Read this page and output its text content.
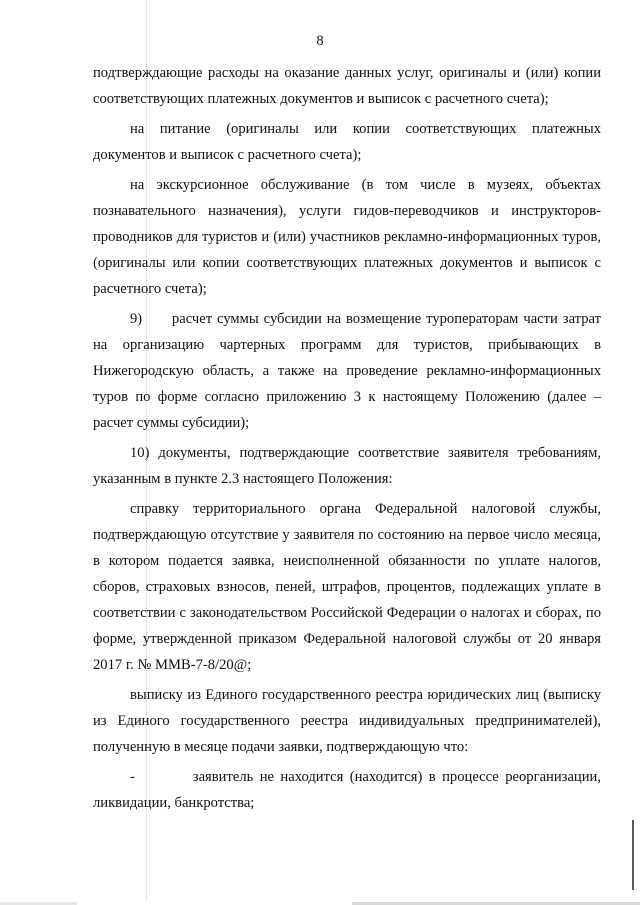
8

подтверждающие расходы на оказание данных услуг, оригиналы и (или) копии соответствующих платежных документов и выписок с расчетного счета);

на питание (оригиналы или копии соответствующих платежных документов и выписок с расчетного счета);

на экскурсионное обслуживание (в том числе в музеях, объектах познавательного назначения), услуги гидов-переводчиков и инструкторов-проводников для туристов и (или) участников рекламно-информационных туров, (оригиналы или копии соответствующих платежных документов и выписок с расчетного счета);

9)      расчет суммы субсидии на возмещение туроператорам части затрат на организацию чартерных программ для туристов, прибывающих в Нижегородскую область, а также на проведение рекламно-информационных туров по форме согласно приложению 3 к настоящему Положению (далее – расчет суммы субсидии);

10) документы, подтверждающие соответствие заявителя требованиям, указанным в пункте 2.3 настоящего Положения:

справку территориального органа Федеральной налоговой службы, подтверждающую отсутствие у заявителя по состоянию на первое число месяца, в котором подается заявка, неисполненной обязанности по уплате налогов, сборов, страховых взносов, пеней, штрафов, процентов, подлежащих уплате в соответствии с законодательством Российской Федерации о налогах и сборах, по форме, утвержденной приказом Федеральной налоговой службы от 20 января 2017 г. № ММВ-7-8/20@;

выписку из Единого государственного реестра юридических лиц (выписку из Единого государственного реестра индивидуальных предпринимателей), полученную в месяце подачи заявки, подтверждающую что:

-         заявитель не находится (находится) в процессе реорганизации, ликвидации, банкротства;
